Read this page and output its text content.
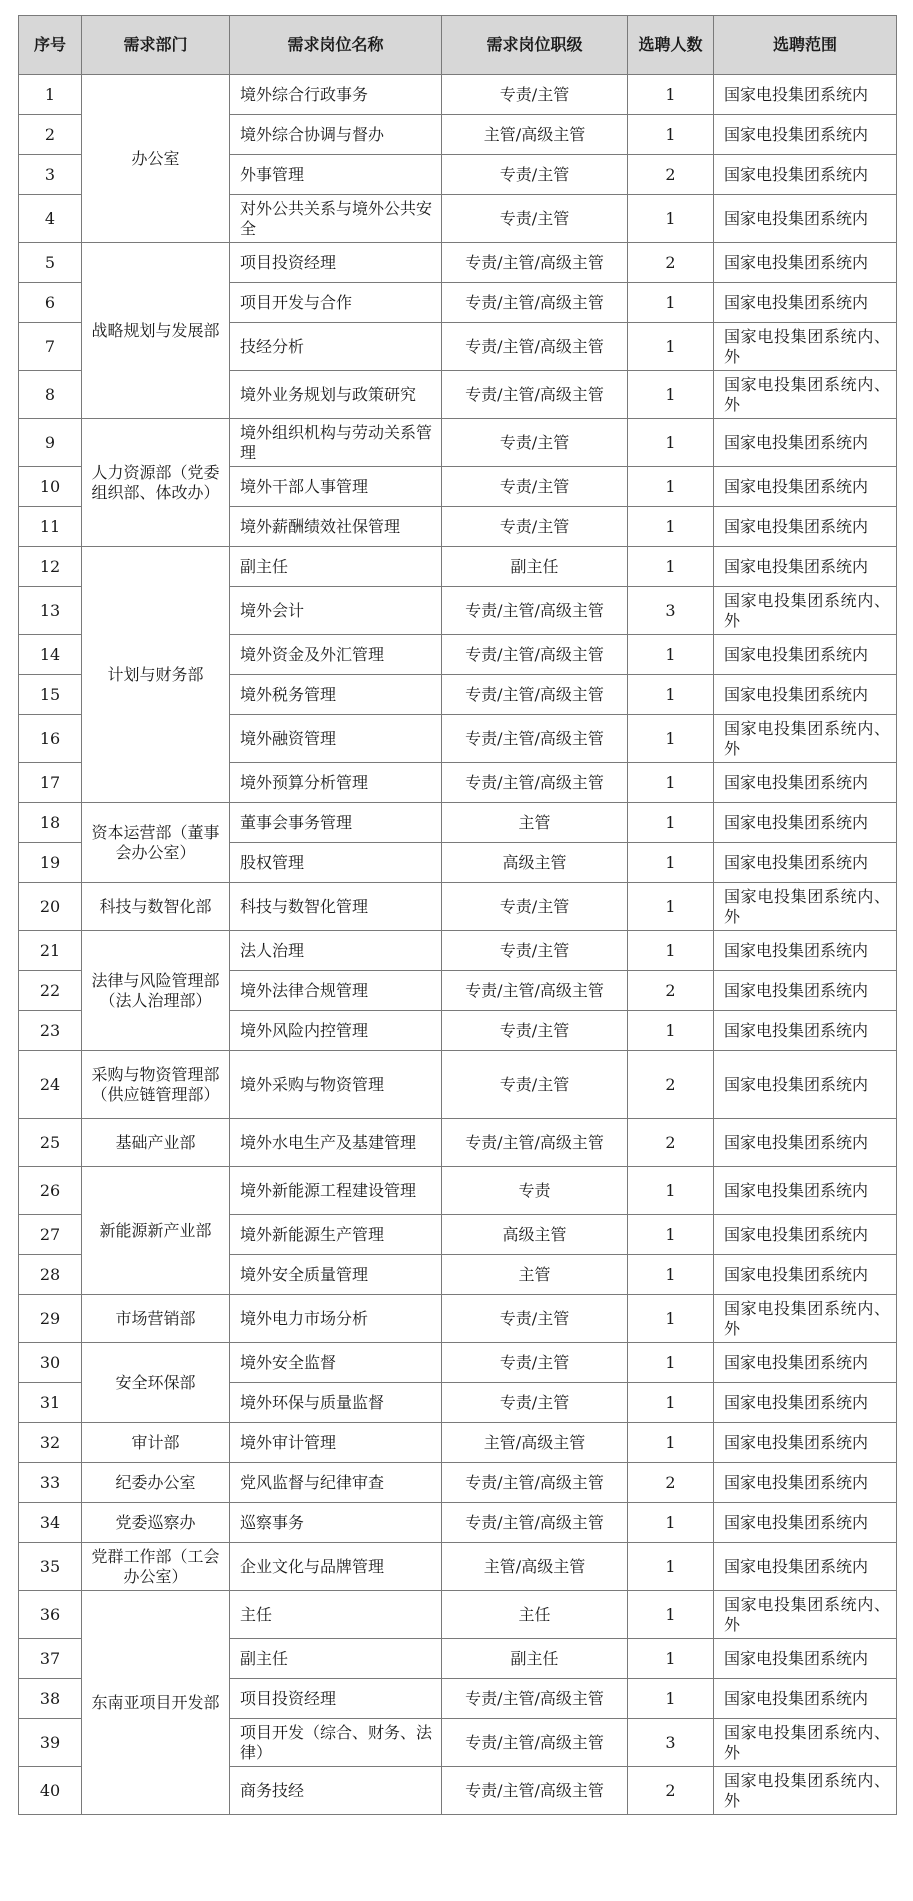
序号	需求部门	需求岗位名称	需求岗位职级	选聘人数	选聘范围
1	办公室	境外综合行政事务	专责/主管	1	国家电投集团系统内
2		境外综合协调与督办	主管/高级主管	1	国家电投集团系统内
3		外事管理	专责/主管	2	国家电投集团系统内
4		对外公共关系与境外公共安全	专责/主管	1	国家电投集团系统内
5	战略规划与发展部	项目投资经理	专责/主管/高级主管	2	国家电投集团系统内
6		项目开发与合作	专责/主管/高级主管	1	国家电投集团系统内
7		技经分析	专责/主管/高级主管	1	国家电投集团系统内、外
8		境外业务规划与政策研究	专责/主管/高级主管	1	国家电投集团系统内、外
9	人力资源部（党委组织部、体改办）	境外组织机构与劳动关系管理	专责/主管	1	国家电投集团系统内
10		境外干部人事管理	专责/主管	1	国家电投集团系统内
11		境外薪酬绩效社保管理	专责/主管	1	国家电投集团系统内
12	计划与财务部	副主任	副主任	1	国家电投集团系统内
13		境外会计	专责/主管/高级主管	3	国家电投集团系统内、外
14		境外资金及外汇管理	专责/主管/高级主管	1	国家电投集团系统内
15		境外税务管理	专责/主管/高级主管	1	国家电投集团系统内
16		境外融资管理	专责/主管/高级主管	1	国家电投集团系统内、外
17		境外预算分析管理	专责/主管/高级主管	1	国家电投集团系统内
18	资本运营部（董事会办公室）	董事会事务管理	主管	1	国家电投集团系统内
19		股权管理	高级主管	1	国家电投集团系统内
20	科技与数智化部	科技与数智化管理	专责/主管	1	国家电投集团系统内、外
21	法律与风险管理部（法人治理部）	法人治理	专责/主管	1	国家电投集团系统内
22		境外法律合规管理	专责/主管/高级主管	2	国家电投集团系统内
23		境外风险内控管理	专责/主管	1	国家电投集团系统内
24	采购与物资管理部（供应链管理部）	境外采购与物资管理	专责/主管	2	国家电投集团系统内
25	基础产业部	境外水电生产及基建管理	专责/主管/高级主管	2	国家电投集团系统内
26	新能源新产业部	境外新能源工程建设管理	专责	1	国家电投集团系统内
27		境外新能源生产管理	高级主管	1	国家电投集团系统内
28		境外安全质量管理	主管	1	国家电投集团系统内
29	市场营销部	境外电力市场分析	专责/主管	1	国家电投集团系统内、外
30	安全环保部	境外安全监督	专责/主管	1	国家电投集团系统内
31		境外环保与质量监督	专责/主管	1	国家电投集团系统内
32	审计部	境外审计管理	主管/高级主管	1	国家电投集团系统内
33	纪委办公室	党风监督与纪律审查	专责/主管/高级主管	2	国家电投集团系统内
34	党委巡察办	巡察事务	专责/主管/高级主管	1	国家电投集团系统内
35	党群工作部（工会办公室）	企业文化与品牌管理	主管/高级主管	1	国家电投集团系统内
36	东南亚项目开发部	主任	主任	1	国家电投集团系统内、外
37		副主任	副主任	1	国家电投集团系统内
38		项目投资经理	专责/主管/高级主管	1	国家电投集团系统内
39		项目开发（综合、财务、法律）	专责/主管/高级主管	3	国家电投集团系统内、外
40		商务技经	专责/主管/高级主管	2	国家电投集团系统内、外
